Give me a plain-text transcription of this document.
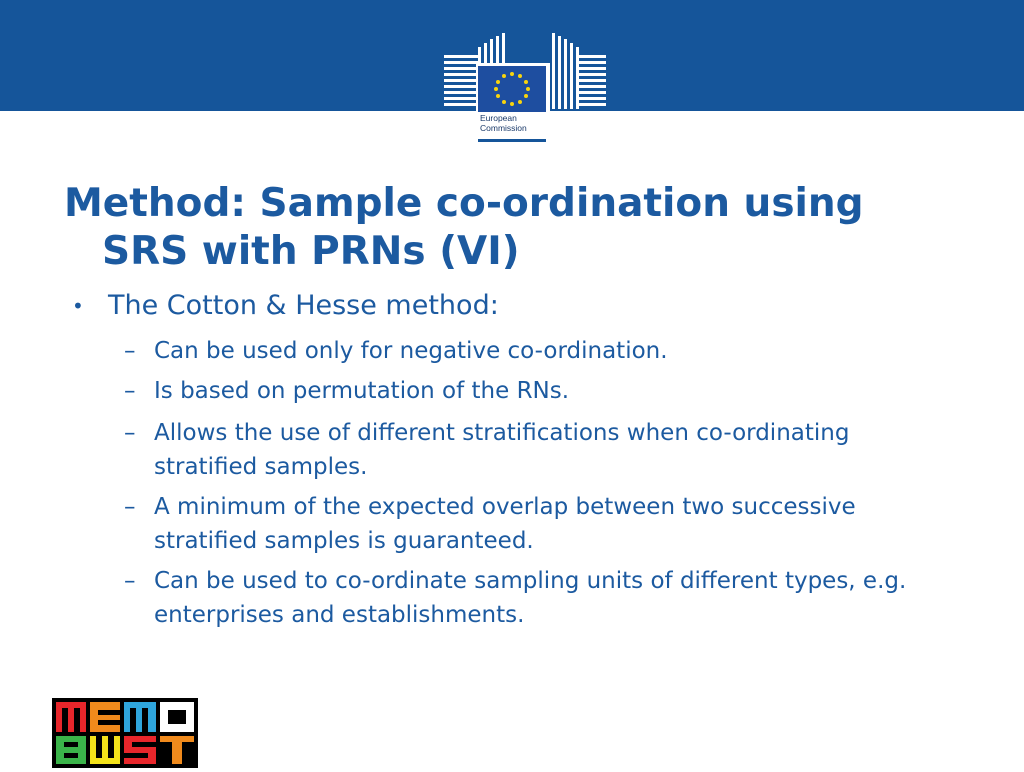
European
Commission
Method: Sample co-ordination using
SRS with PRNs (VI)
• The Cotton & Hesse method:
– Can be used only for negative co-ordination.
– Is based on permutation of the RNs.
– Allows the use of different stratifications when co-ordinating stratified samples.
– A minimum of the expected overlap between two successive stratified samples is guaranteed.
– Can be used to co-ordinate sampling units of different types, e.g. enterprises and establishments.
